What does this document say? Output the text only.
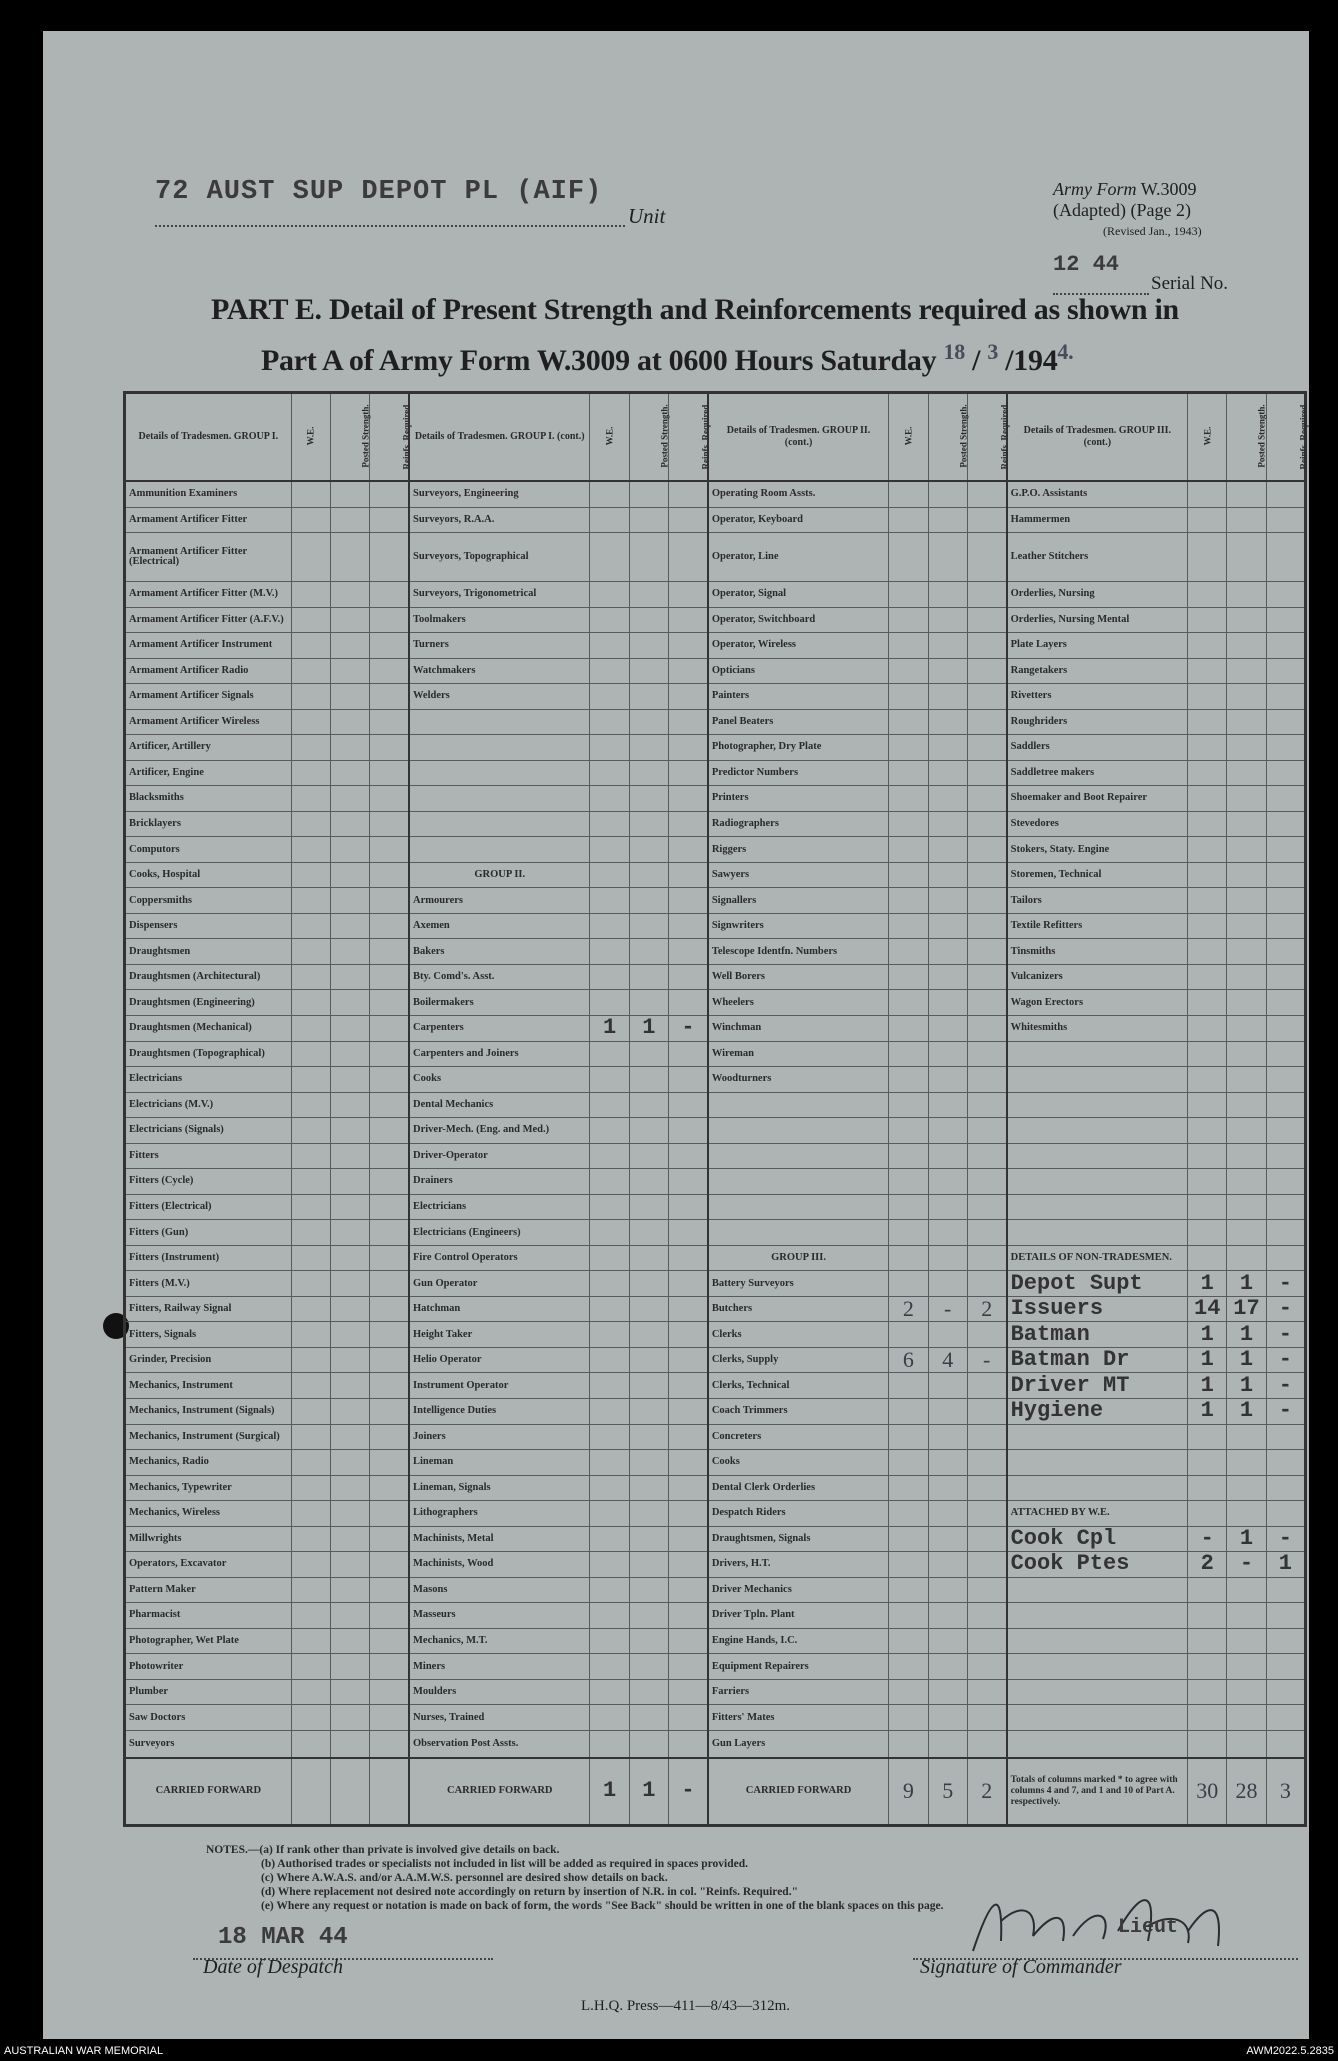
72 AUST SUP DEPOT PL (AIF)
Unit
Army Form W.3009
(Adapted) (Page 2)
(Revised Jan., 1943)
12 44
Serial No.
PART E. Detail of Present Strength and Reinforcements required as shown in
Part A of Army Form W.3009 at 0600 Hours Saturday $^{18}$ / $^3$ $/194^{4.}$
Details of Tradesmen. GROUP I.	W.E.	Posted Strength.	Reinfs. Required.	Details of Tradesmen. GROUP I. (cont.)	W.E.	Posted Strength.	Reinfs. Required.	Details of Tradesmen. GROUP II. (cont.)	W.E.	Posted Strength.	Reinfs. Required.	Details of Tradesmen. GROUP III. (cont.)	W.E.	Posted Strength.	Reinfs. Required.
Ammunition Examiners				Surveyors, Engineering				Operating Room Assts.				G.P.O. Assistants			
Armament Artificer Fitter				Surveyors, R.A.A.				Operator, Keyboard				Hammermen			
Armament Artificer Fitter (Electrical)				Surveyors, Topographical				Operator, Line				Leather Stitchers			
Armament Artificer Fitter (M.V.)				Surveyors, Trigonometrical				Operator, Signal				Orderlies, Nursing			
Armament Artificer Fitter (A.F.V.)				Toolmakers				Operator, Switchboard				Orderlies, Nursing Mental			
Armament Artificer Instrument				Turners				Operator, Wireless				Plate Layers			
Armament Artificer Radio				Watchmakers				Opticians				Rangetakers			
Armament Artificer Signals				Welders				Painters				Rivetters			
Armament Artificer Wireless								Panel Beaters				Roughriders			
Artificer, Artillery								Photographer, Dry Plate				Saddlers			
Artificer, Engine								Predictor Numbers				Saddletree makers			
Blacksmiths								Printers				Shoemaker and Boot Repairer			
Bricklayers								Radiographers				Stevedores			
Computors								Riggers				Stokers, Staty. Engine			
Cooks, Hospital				GROUP II.				Sawyers				Storemen, Technical			
Coppersmiths				Armourers				Signallers				Tailors			
Dispensers				Axemen				Signwriters				Textile Refitters			
Draughtsmen				Bakers				Telescope Identfn. Numbers				Tinsmiths			
Draughtsmen (Architectural)				Bty. Comd's. Asst.				Well Borers				Vulcanizers			
Draughtsmen (Engineering)				Boilermakers				Wheelers				Wagon Erectors			
Draughtsmen (Mechanical)				Carpenters	1	1	-	Winchman				Whitesmiths			
Draughtsmen (Topographical)				Carpenters and Joiners				Wireman							
Electricians				Cooks				Woodturners							
Electricians (M.V.)				Dental Mechanics											
Electricians (Signals)				Driver-Mech. (Eng. and Med.)											
Fitters				Driver-Operator											
Fitters (Cycle)				Drainers											
Fitters (Electrical)				Electricians											
Fitters (Gun)				Electricians (Engineers)											
Fitters (Instrument)				Fire Control Operators				GROUP III.				DETAILS OF NON-TRADESMEN.			
Fitters (M.V.)				Gun Operator				Battery Surveyors				Depot Supt	1	1	-
Fitters, Railway Signal				Hatchman				Butchers	2	-	2	Issuers	14	17	-
Fitters, Signals				Height Taker				Clerks				Batman	1	1	-
Grinder, Precision				Helio Operator				Clerks, Supply	6	4	-	Batman Dr	1	1	-
Mechanics, Instrument				Instrument Operator				Clerks, Technical				Driver MT	1	1	-
Mechanics, Instrument (Signals)				Intelligence Duties				Coach Trimmers				Hygiene	1	1	-
Mechanics, Instrument (Surgical)				Joiners				Concreters							
Mechanics, Radio				Lineman				Cooks							
Mechanics, Typewriter				Lineman, Signals				Dental Clerk Orderlies							
Mechanics, Wireless				Lithographers				Despatch Riders				ATTACHED BY W.E.			
Millwrights				Machinists, Metal				Draughtsmen, Signals				Cook Cpl	-	1	-
Operators, Excavator				Machinists, Wood				Drivers, H.T.				Cook Ptes	2	-	1
Pattern Maker				Masons				Driver Mechanics							
Pharmacist				Masseurs				Driver Tpln. Plant							
Photographer, Wet Plate				Mechanics, M.T.				Engine Hands, I.C.							
Photowriter				Miners				Equipment Repairers							
Plumber				Moulders				Farriers							
Saw Doctors				Nurses, Trained				Fitters' Mates							
Surveyors				Observation Post Assts.				Gun Layers							
CARRIED FORWARD				CARRIED FORWARD	1	1	-	CARRIED FORWARD	9	5	2	Totals of columns marked * to agree with columns 4 and 7, and 1 and 10 of Part A. respectively.	30	28	3
NOTES.—(a) If rank other than private is involved give details on back.
(b) Authorised trades or specialists not included in list will be added as required in spaces provided.
(c) Where A.W.A.S. and/or A.A.M.W.S. personnel are desired show details on back.
(d) Where replacement not desired note accordingly on return by insertion of N.R. in col. "Reinfs. Required."
(e) Where any request or notation is made on back of form, the words "See Back" should be written in one of the blank spaces on this page.
18 MAR 44
Date of Despatch
Lieut
Signature of Commander
L.H.Q. Press—411—8/43—312m.
AUSTRALIAN WAR MEMORIAL	AWM2022.5.2835
